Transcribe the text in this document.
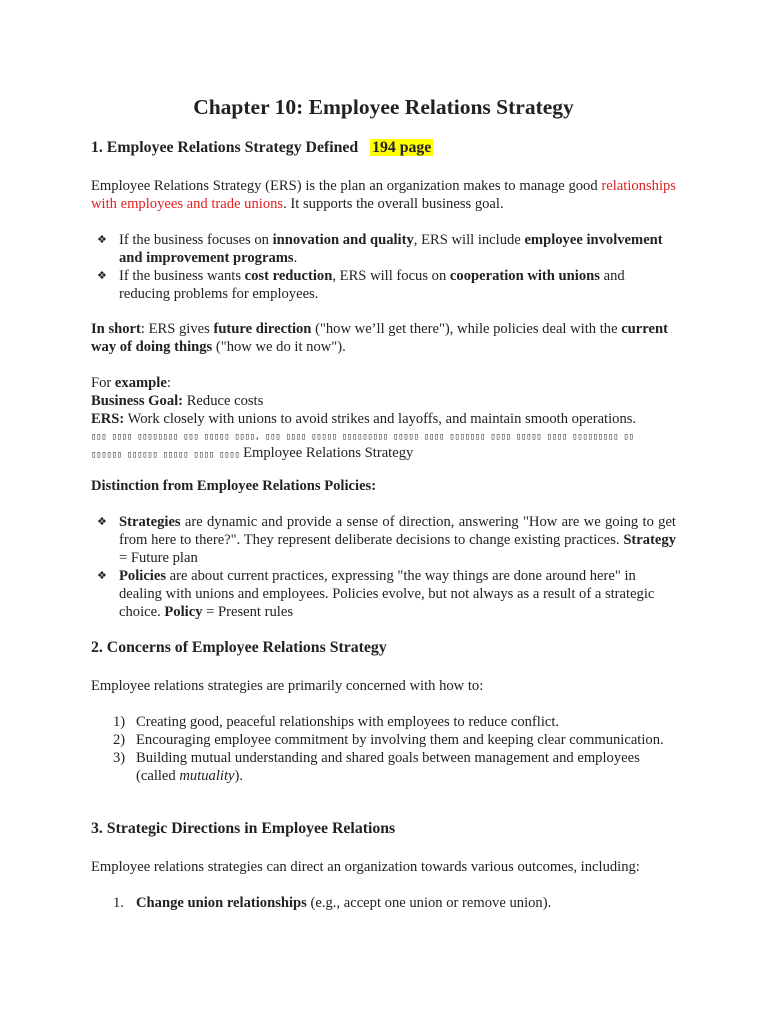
Chapter 10: Employee Relations Strategy
1. Employee Relations Strategy Defined 194 page

Employee Relations Strategy (ERS) is the plan an organization makes to manage good relationships with employees and trade unions. It supports the overall business goal.

❖ If the business focuses on innovation and quality, ERS will include employee involvement and improvement programs.
❖ If the business wants cost reduction, ERS will focus on cooperation with unions and reducing problems for employees.

In short: ERS gives future direction ("how we’ll get there"), while policies deal with the current way of doing things ("how we do it now").

For example:
Business Goal: Reduce costs
ERS: Work closely with unions to avoid strikes and layoffs, and maintain smooth operations.
▯▯▯ ▯▯▯▯ ▯▯▯▯▯▯▯▯ ▯▯▯ ▯▯▯▯▯ ▯▯▯▯, ▯▯▯ ▯▯▯▯ ▯▯▯▯▯ ▯▯▯▯▯▯▯▯▯ ▯▯▯▯▯ ▯▯▯▯ ▯▯▯▯▯▯▯ ▯▯▯▯ ▯▯▯▯▯ ▯▯▯▯ ▯▯▯▯▯▯▯▯▯ ▯▯
▯▯▯▯▯▯ ▯▯▯▯▯▯ ▯▯▯▯▯ ▯▯▯▯ ▯▯▯▯ Employee Relations Strategy
Distinction from Employee Relations Policies:
❖ Strategies are dynamic and provide a sense of direction, answering "How are we going to get from here to there?". They represent deliberate decisions to change existing practices. Strategy = Future plan
❖ Policies are about current practices, expressing "the way things are done around here" in dealing with unions and employees. Policies evolve, but not always as a result of a strategic choice. Policy = Present rules
2. Concerns of Employee Relations Strategy

Employee relations strategies are primarily concerned with how to:

1) Creating good, peaceful relationships with employees to reduce conflict.
2) Encouraging employee commitment by involving them and keeping clear communication.
3) Building mutual understanding and shared goals between management and employees (called mutuality).
3. Strategic Directions in Employee Relations

Employee relations strategies can direct an organization towards various outcomes, including:

1. Change union relationships (e.g., accept one union or remove union).
